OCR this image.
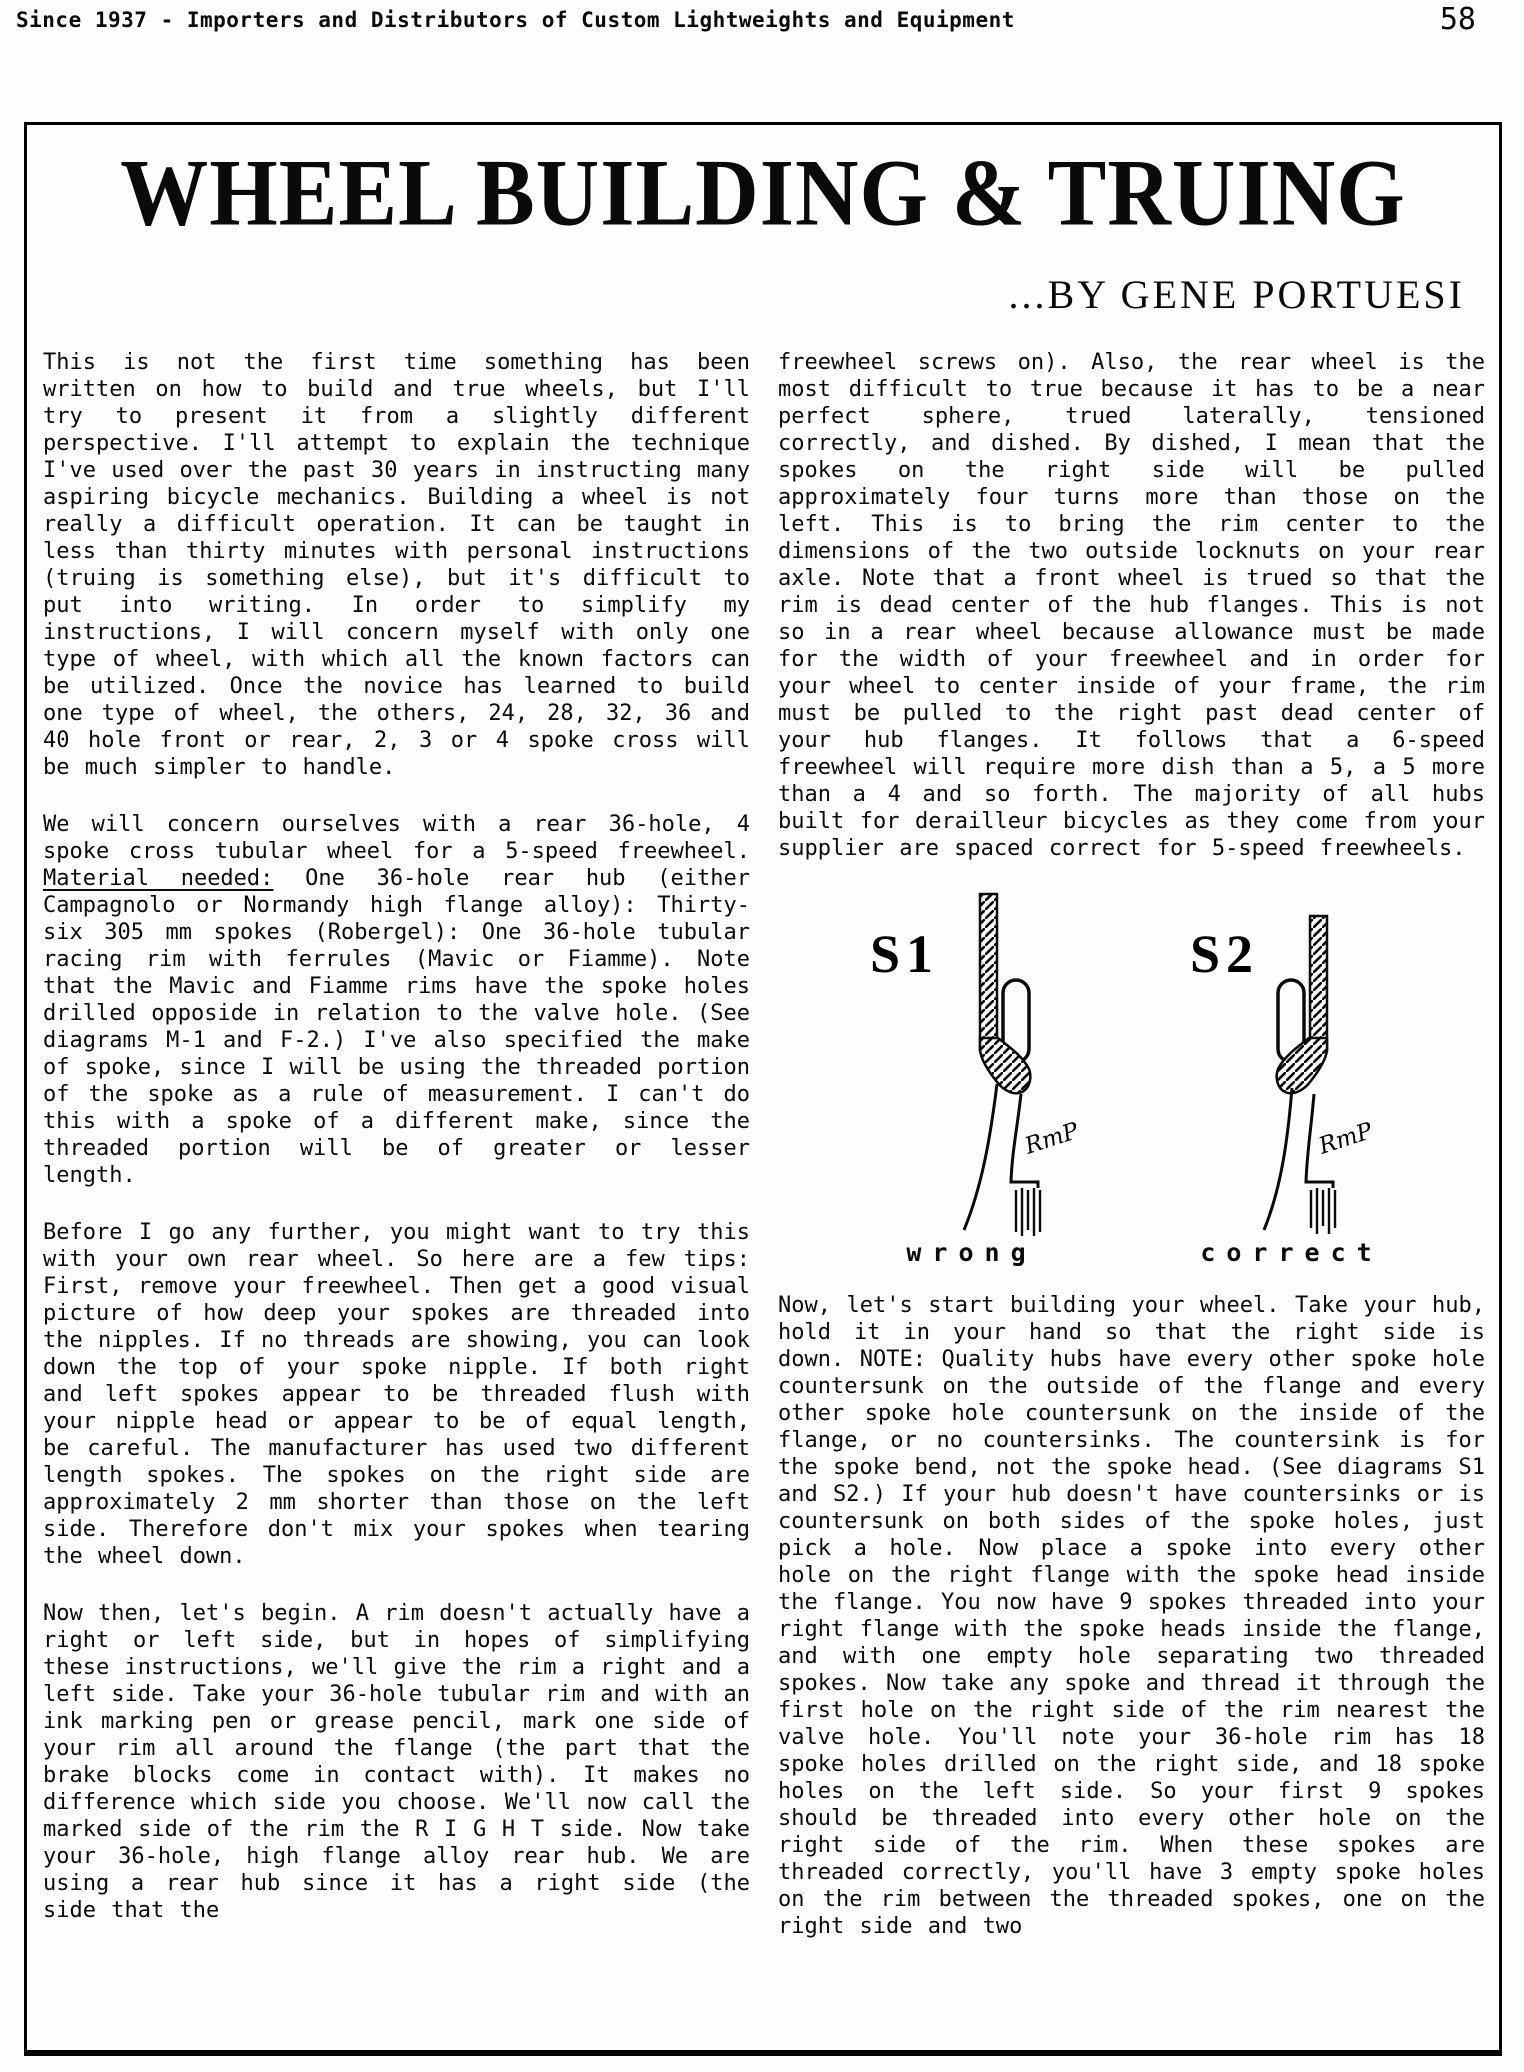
Since 1937 - Importers and Distributors of Custom Lightweights and Equipment	58
WHEEL BUILDING & TRUING
...BY GENE PORTUESI

This is not the first time something has been written on how to build and true wheels, but I'll try to present it from a slightly different perspective. I'll attempt to explain the technique I've used over the past 30 years in instructing many aspiring bicycle mechanics. Building a wheel is not really a difficult operation. It can be taught in less than thirty minutes with personal instructions (truing is something else), but it's difficult to put into writing. In order to simplify my instructions, I will concern myself with only one type of wheel, with which all the known factors can be utilized. Once the novice has learned to build one type of wheel, the others, 24, 28, 32, 36 and 40 hole front or rear, 2, 3 or 4 spoke cross will be much simpler to handle.

We will concern ourselves with a rear 36-hole, 4 spoke cross tubular wheel for a 5-speed freewheel. Material needed: One 36-hole rear hub (either Campagnolo or Normandy high flange alloy): Thirty-six 305 mm spokes (Robergel): One 36-hole tubular racing rim with ferrules (Mavic or Fiamme). Note that the Mavic and Fiamme rims have the spoke holes drilled opposide in relation to the valve hole. (See diagrams M-1 and F-2.) I've also specified the make of spoke, since I will be using the threaded portion of the spoke as a rule of measurement. I can't do this with a spoke of a different make, since the threaded portion will be of greater or lesser length.

Before I go any further, you might want to try this with your own rear wheel. So here are a few tips: First, remove your freewheel. Then get a good visual picture of how deep your spokes are threaded into the nipples. If no threads are showing, you can look down the top of your spoke nipple. If both right and left spokes appear to be threaded flush with your nipple head or appear to be of equal length, be careful. The manufacturer has used two different length spokes. The spokes on the right side are approximately 2 mm shorter than those on the left side. Therefore don't mix your spokes when tearing the wheel down.

Now then, let's begin. A rim doesn't actually have a right or left side, but in hopes of simplifying these instructions, we'll give the rim a right and a left side. Take your 36-hole tubular rim and with an ink marking pen or grease pencil, mark one side of your rim all around the flange (the part that the brake blocks come in contact with). It makes no difference which side you choose. We'll now call the marked side of the rim the R I G H T side. Now take your 36-hole, high flange alloy rear hub. We are using a rear hub since it has a right side (the side that the

freewheel screws on). Also, the rear wheel is the most difficult to true because it has to be a near perfect sphere, trued laterally, tensioned correctly, and dished. By dished, I mean that the spokes on the right side will be pulled approximately four turns more than those on the left. This is to bring the rim center to the dimensions of the two outside locknuts on your rear axle. Note that a front wheel is trued so that the rim is dead center of the hub flanges. This is not so in a rear wheel because allowance must be made for the width of your freewheel and in order for your wheel to center inside of your frame, the rim must be pulled to the right past dead center of your hub flanges. It follows that a 6-speed freewheel will require more dish than a 5, a 5 more than a 4 and so forth. The majority of all hubs built for derailleur bicycles as they come from your supplier are spaced correct for 5-speed freewheels.

S1
RmP
S2
RmP
wrong	correct

Now, let's start building your wheel. Take your hub, hold it in your hand so that the right side is down. NOTE: Quality hubs have every other spoke hole countersunk on the outside of the flange and every other spoke hole countersunk on the inside of the flange, or no countersinks. The countersink is for the spoke bend, not the spoke head. (See diagrams S1 and S2.) If your hub doesn't have countersinks or is countersunk on both sides of the spoke holes, just pick a hole. Now place a spoke into every other hole on the right flange with the spoke head inside the flange. You now have 9 spokes threaded into your right flange with the spoke heads inside the flange, and with one empty hole separating two threaded spokes. Now take any spoke and thread it through the first hole on the right side of the rim nearest the valve hole. You'll note your 36-hole rim has 18 spoke holes drilled on the right side, and 18 spoke holes on the left side. So your first 9 spokes should be threaded into every other hole on the right side of the rim. When these spokes are threaded correctly, you'll have 3 empty spoke holes on the rim between the threaded spokes, one on the right side and two
